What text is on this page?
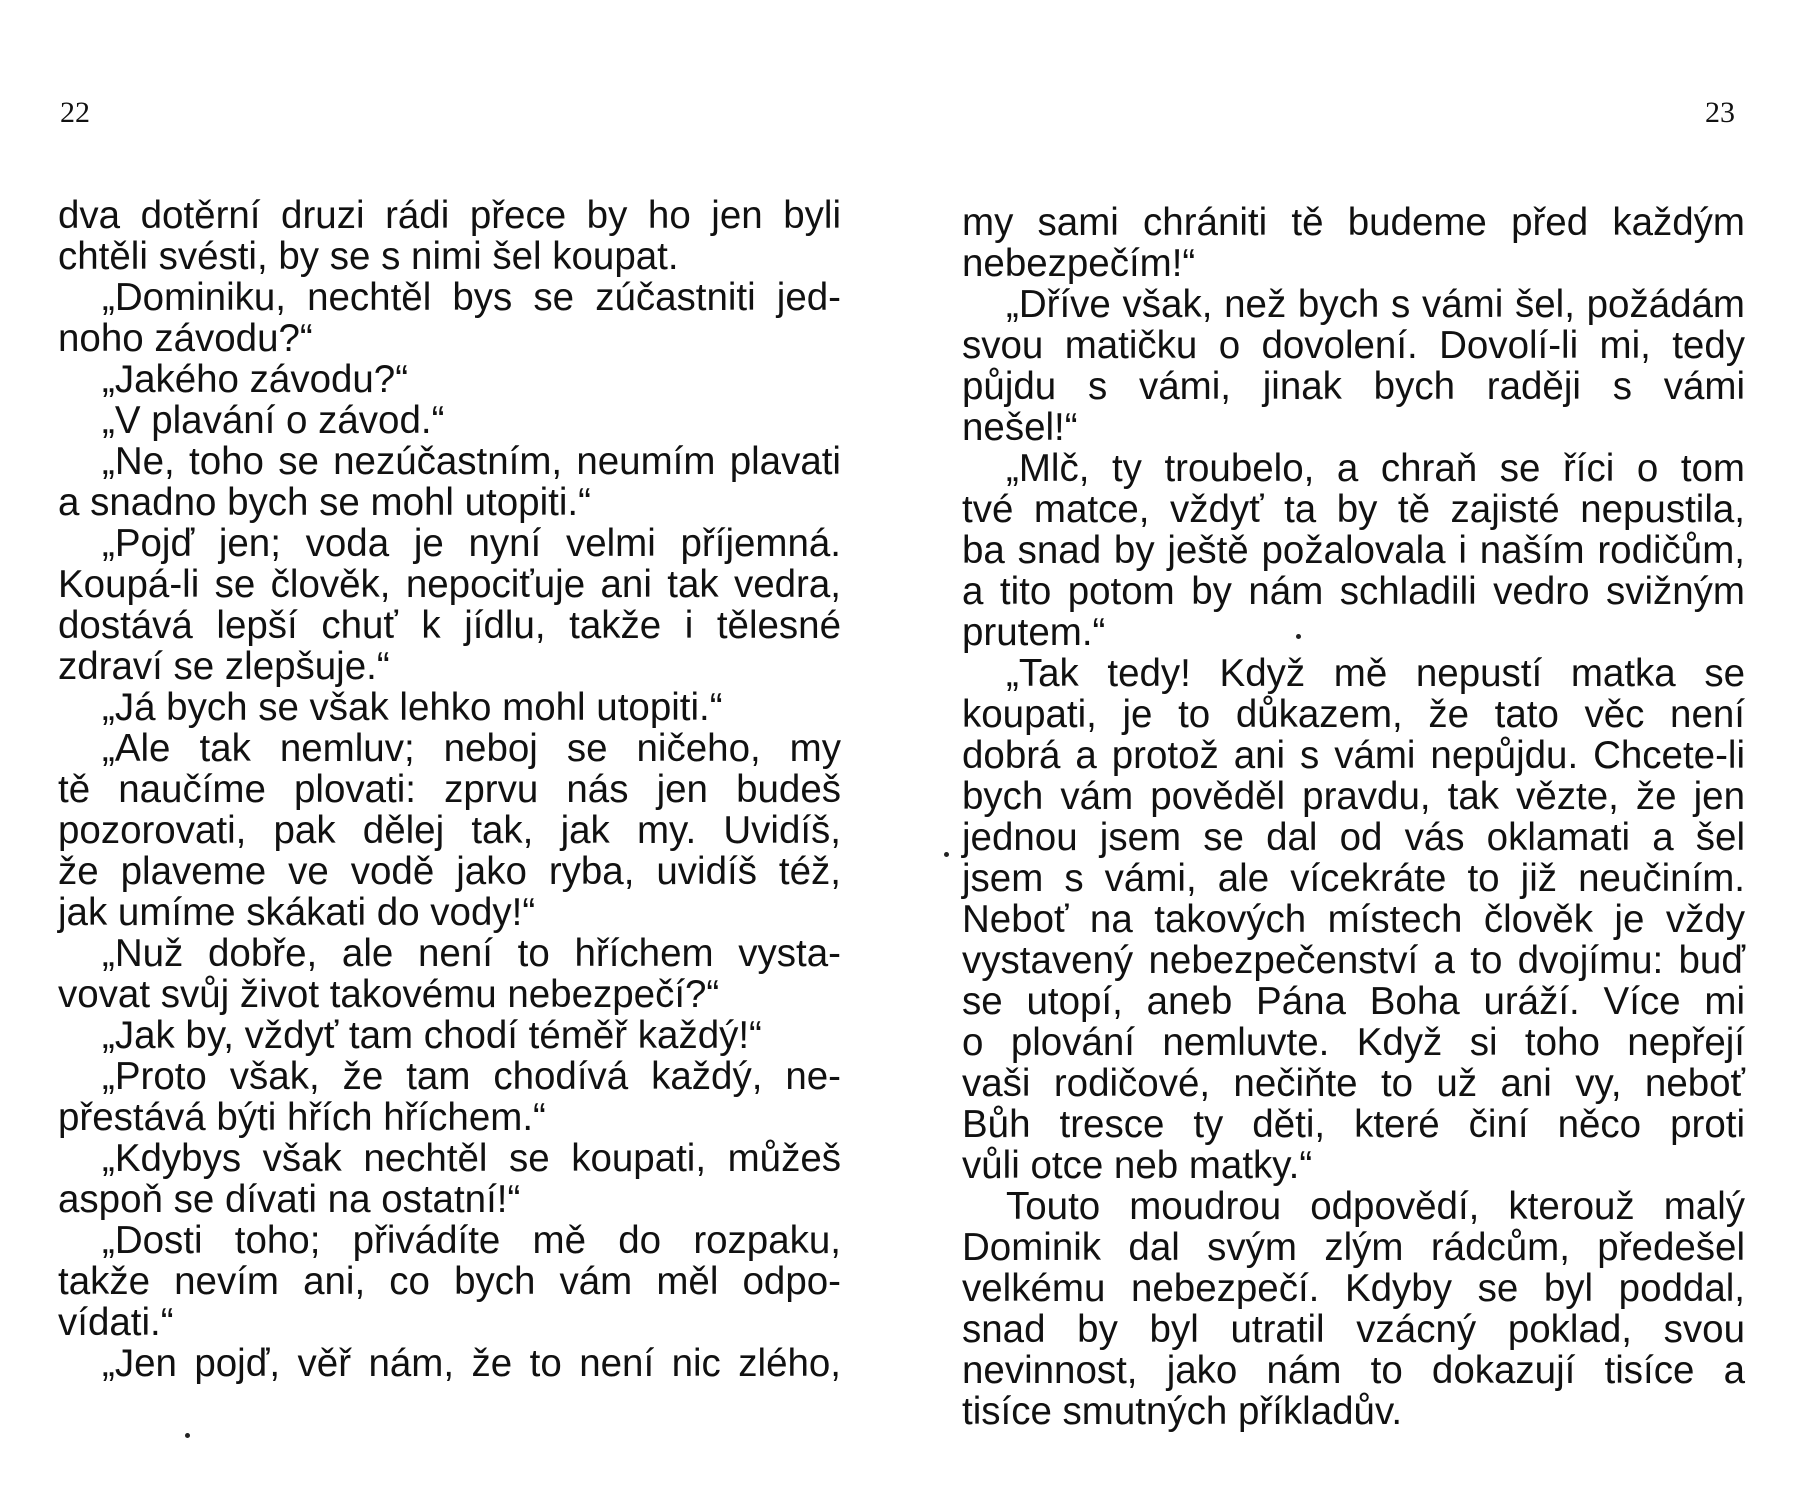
22
dva dotěrní druzi rádi přece by ho jen byli
chtěli svésti, by se s nimi šel koupat.
„Dominiku, nechtěl bys se zúčastniti jed-
noho závodu?“
„Jakého závodu?“
„V plavání o závod.“
„Ne, toho se nezúčastním, neumím plavati
a snadno bych se mohl utopiti.“
„Pojď jen; voda je nyní velmi příjemná.
Koupá-li se člověk, nepociťuje ani tak vedra,
dostává lepší chuť k jídlu, takže i tělesné
zdraví se zlepšuje.“
„Já bych se však lehko mohl utopiti.“
„Ale tak nemluv; neboj se ničeho, my
tě naučíme plovati: zprvu nás jen budeš
pozorovati, pak dělej tak, jak my. Uvidíš,
že plaveme ve vodě jako ryba, uvidíš též,
jak umíme skákati do vody!“
„Nuž dobře, ale není to hříchem vysta-
vovat svůj život takovému nebezpečí?“
„Jak by, vždyť tam chodí téměř každý!“
„Proto však, že tam chodívá každý, ne-
přestává býti hřích hříchem.“
„Kdybys však nechtěl se koupati, můžeš
aspoň se dívati na ostatní!“
„Dosti toho; přivádíte mě do rozpaku,
takže nevím ani, co bych vám měl odpo-
vídati.“
„Jen pojď, věř nám, že to není nic zlého,
23
my sami chrániti tě budeme před každým
nebezpečím!“
„Dříve však, než bych s vámi šel, požádám
svou matičku o dovolení. Dovolí-li mi, tedy
půjdu s vámi, jinak bych raději s vámi
nešel!“
„Mlč, ty troubelo, a chraň se říci o tom
tvé matce, vždyť ta by tě zajisté nepustila,
ba snad by ještě požalovala i naším rodičům,
a tito potom by nám schladili vedro svižným
prutem.“
„Tak tedy! Když mě nepustí matka se
koupati, je to důkazem, že tato věc není
dobrá a protož ani s vámi nepůjdu. Chcete-li
bych vám pověděl pravdu, tak vězte, že jen
jednou jsem se dal od vás oklamati a šel
jsem s vámi, ale vícekráte to již neučiním.
Neboť na takových místech člověk je vždy
vystavený nebezpečenství a to dvojímu: buď
se utopí, aneb Pána Boha uráží. Více mi
o plování nemluvte. Když si toho nepřejí
vaši rodičové, nečiňte to už ani vy, neboť
Bůh tresce ty děti, které činí něco proti
vůli otce neb matky.“
Touto moudrou odpovědí, kterouž malý
Dominik dal svým zlým rádcům, předešel
velkému nebezpečí. Kdyby se byl poddal,
snad by byl utratil vzácný poklad, svou
nevinnost, jako nám to dokazují tisíce a
tisíce smutných příkladův.
